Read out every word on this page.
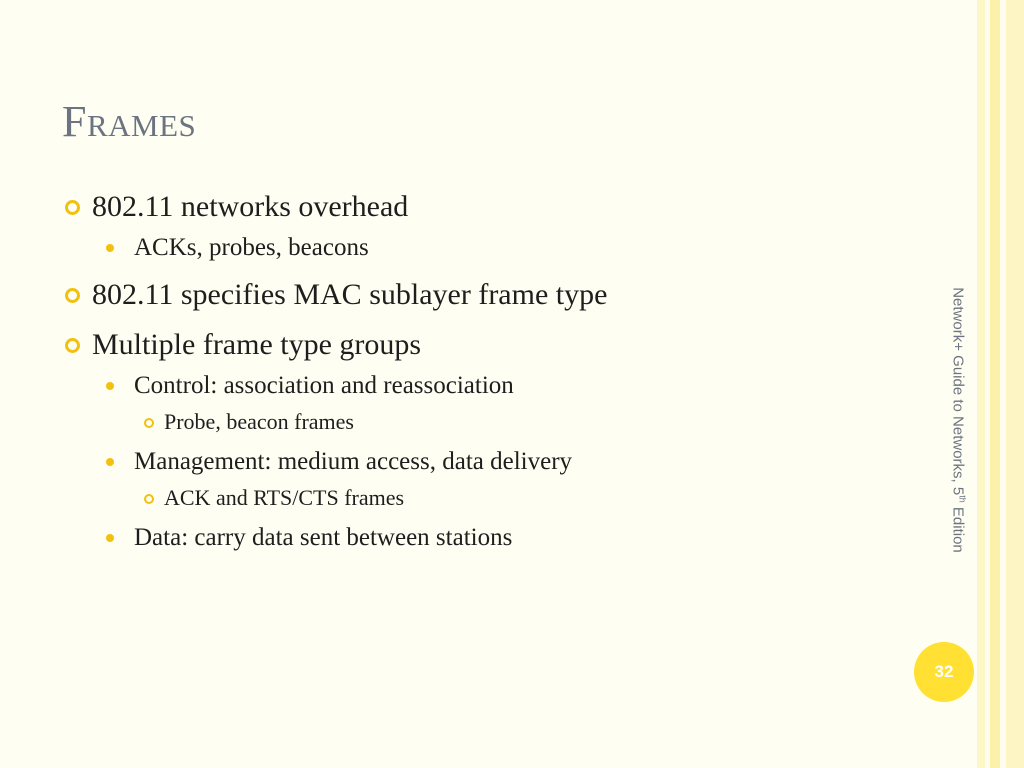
Frames
802.11 networks overhead
ACKs, probes, beacons
802.11 specifies MAC sublayer frame type
Multiple frame type groups
Control: association and reassociation
Probe, beacon frames
Management: medium access, data delivery
ACK and RTS/CTS frames
Data: carry data sent between stations
Network+ Guide to Networks, 5th Edition
32
